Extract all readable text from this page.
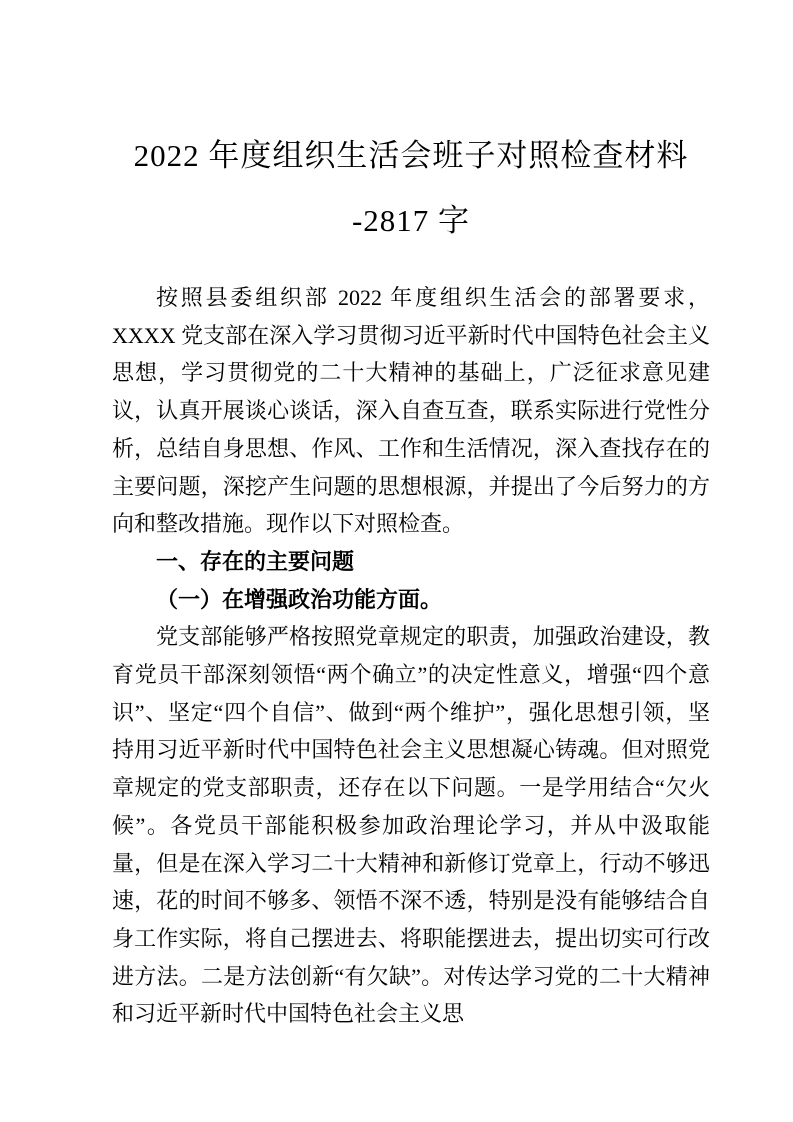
2022 年度组织生活会班子对照检查材料
-2817 字

按照县委组织部 2022 年度组织生活会的部署要求，XXXX 党支部在深入学习贯彻习近平新时代中国特色社会主义思想，学习贯彻党的二十大精神的基础上，广泛征求意见建议，认真开展谈心谈话，深入自查互查，联系实际进行党性分析，总结自身思想、作风、工作和生活情况，深入查找存在的主要问题，深挖产生问题的思想根源，并提出了今后努力的方向和整改措施。现作以下对照检查。

一、存在的主要问题

（一）在增强政治功能方面。

党支部能够严格按照党章规定的职责，加强政治建设，教育党员干部深刻领悟“两个确立”的决定性意义，增强“四个意识”、坚定“四个自信”、做到“两个维护”，强化思想引领，坚持用习近平新时代中国特色社会主义思想凝心铸魂。但对照党章规定的党支部职责，还存在以下问题。一是学用结合“欠火候”。各党员干部能积极参加政治理论学习，并从中汲取能量，但是在深入学习二十大精神和新修订党章上，行动不够迅速，花的时间不够多、领悟不深不透，特别是没有能够结合自身工作实际，将自己摆进去、将职能摆进去，提出切实可行改进方法。二是方法创新“有欠缺”。对传达学习党的二十大精神和习近平新时代中国特色社会主义思
